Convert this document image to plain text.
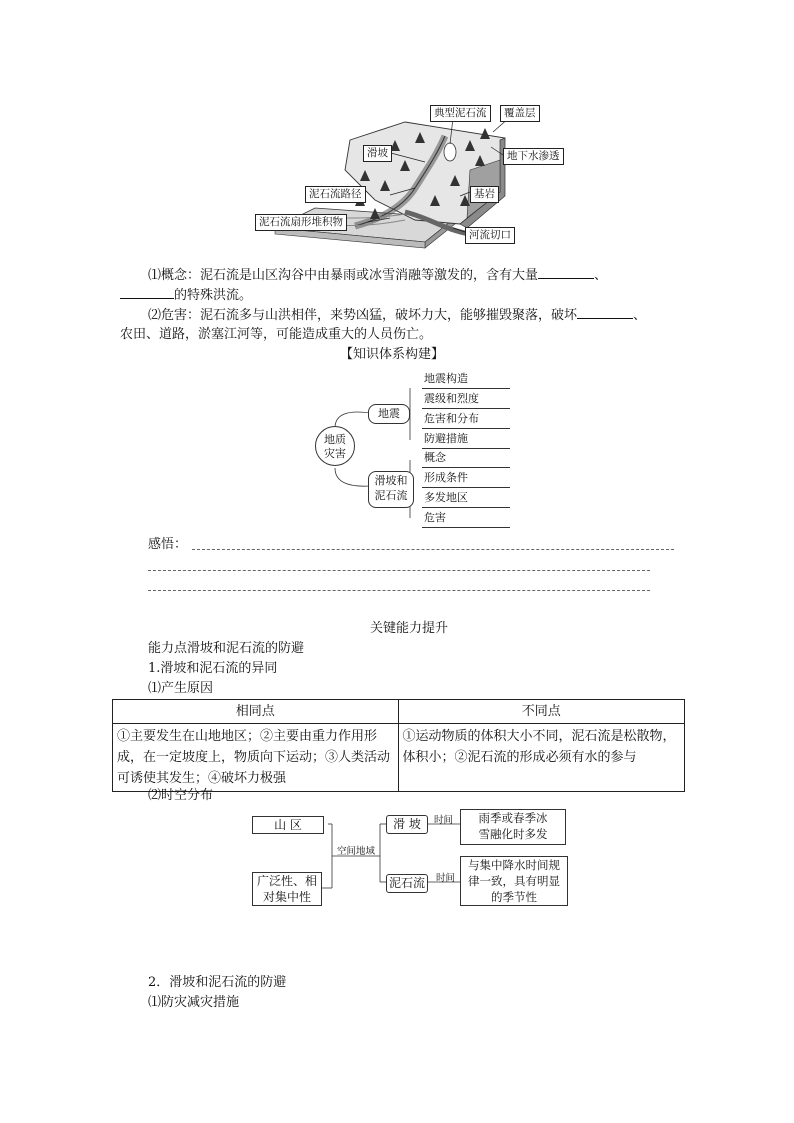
典型泥石流	覆盖层
滑坡	地下水渗透
泥石流路径	基岩
泥石流扇形堆积物
河流切口
⑴概念：泥石流是山区沟谷中由暴雨或冰雪消融等激发的，含有大量	、
的特殊洪流。
⑵危害：泥石流多与山洪相伴，来势凶猛，破坏力大，能够摧毁聚落，破坏	、
农田、道路，淤塞江河等，可能造成重大的人员伤亡。
【知识体系构建】
地质
灾害
地震
滑坡和
泥石流
地震构造
震级和烈度
危害和分布
防避措施
概念
形成条件
多发地区
危害
感悟：
关键能力提升
能力点滑坡和泥石流的防避
1.滑坡和泥石流的异同
⑴产生原因
相同点	不同点
①主要发生在山地地区；②主要由重力作用形成，在一定坡度上，物质向下运动；③人类活动可诱使其发生；④破坏力极强	①运动物质的体积大小不同，泥石流是松散物，体积小；②泥石流的形成必须有水的参与
⑵时空分布
山 区
广泛性、相
对集中性
空间地域
滑 坡
泥石流
时间
时间
雨季或春季冰
雪融化时多发
与集中降水时间规
律一致，具有明显
的季节性
2．滑坡和泥石流的防避
⑴防灾减灾措施
